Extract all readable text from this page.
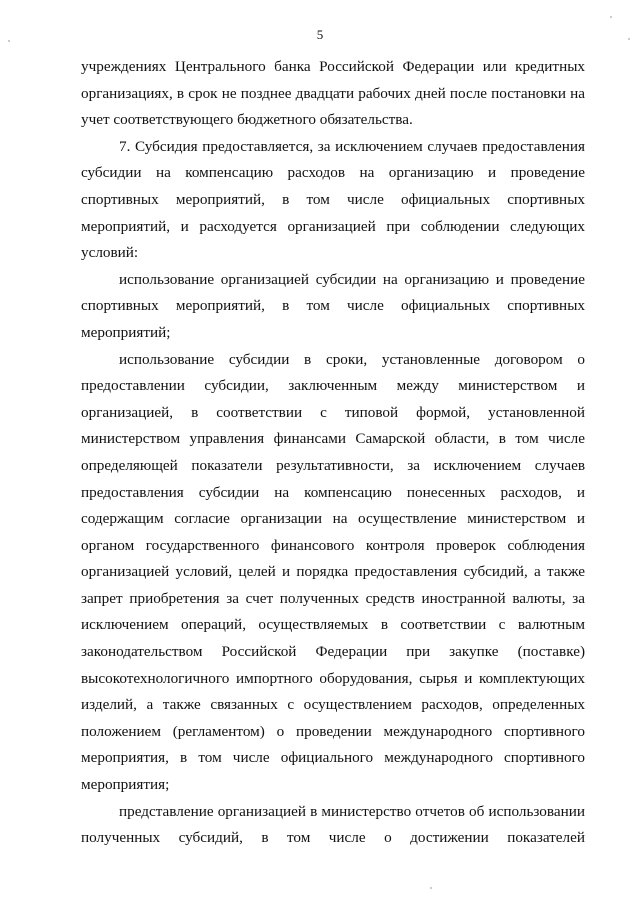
5

учреждениях Центрального банка Российской Федерации или кредитных организациях, в срок не позднее двадцати рабочих дней после постановки на учет соответствующего бюджетного обязательства.

7. Субсидия предоставляется, за исключением случаев предоставления субсидии на компенсацию расходов на организацию и проведение спортивных мероприятий, в том числе официальных спортивных мероприятий, и расходуется организацией при соблюдении следующих условий:

использование организацией субсидии на организацию и проведение спортивных мероприятий, в том числе официальных спортивных мероприятий;

использование субсидии в сроки, установленные договором о предоставлении субсидии, заключенным между министерством и организацией, в соответствии с типовой формой, установленной министерством управления финансами Самарской области, в том числе определяющей показатели результативности, за исключением случаев предоставления субсидии на компенсацию понесенных расходов, и содержащим согласие организации на осуществление министерством и органом государственного финансового контроля проверок соблюдения организацией условий, целей и порядка предоставления субсидий, а также запрет приобретения за счет полученных средств иностранной валюты, за исключением операций, осуществляемых в соответствии с валютным законодательством Российской Федерации при закупке (поставке) высокотехнологичного импортного оборудования, сырья и комплектующих изделий, а также связанных с осуществлением расходов, определенных положением (регламентом) о проведении международного спортивного мероприятия, в том числе официального международного спортивного мероприятия;

представление организацией в министерство отчетов об использовании полученных субсидий, в том числе о достижении показателей
